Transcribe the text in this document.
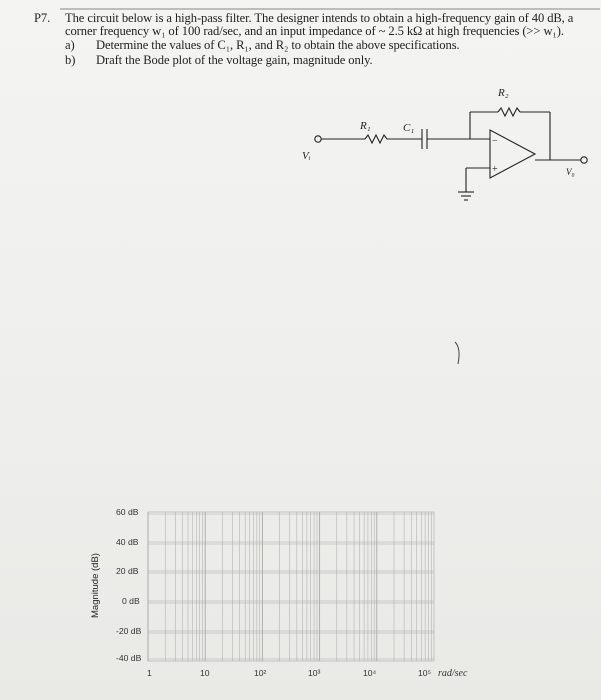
P7. The circuit below is a high-pass filter. The designer intends to obtain a high-frequency gain of 40 dB, a
corner frequency w₁ of 100 rad/sec, and an input impedance of ~ 2.5 kΩ at high frequencies (>> w₁).
a) Determine the values of C₁, R₁, and R₂ to obtain the above specifications.
b) Draft the Bode plot of the voltage gain, magnitude only.
R₂
R₁	C₁
Vᵢ
V₀
−
+
Magnitude (dB)
60 dB
40 dB
20 dB
0 dB
-20 dB
-40 dB
1	10	10²	10³	10⁴	10⁵ rad/sec
